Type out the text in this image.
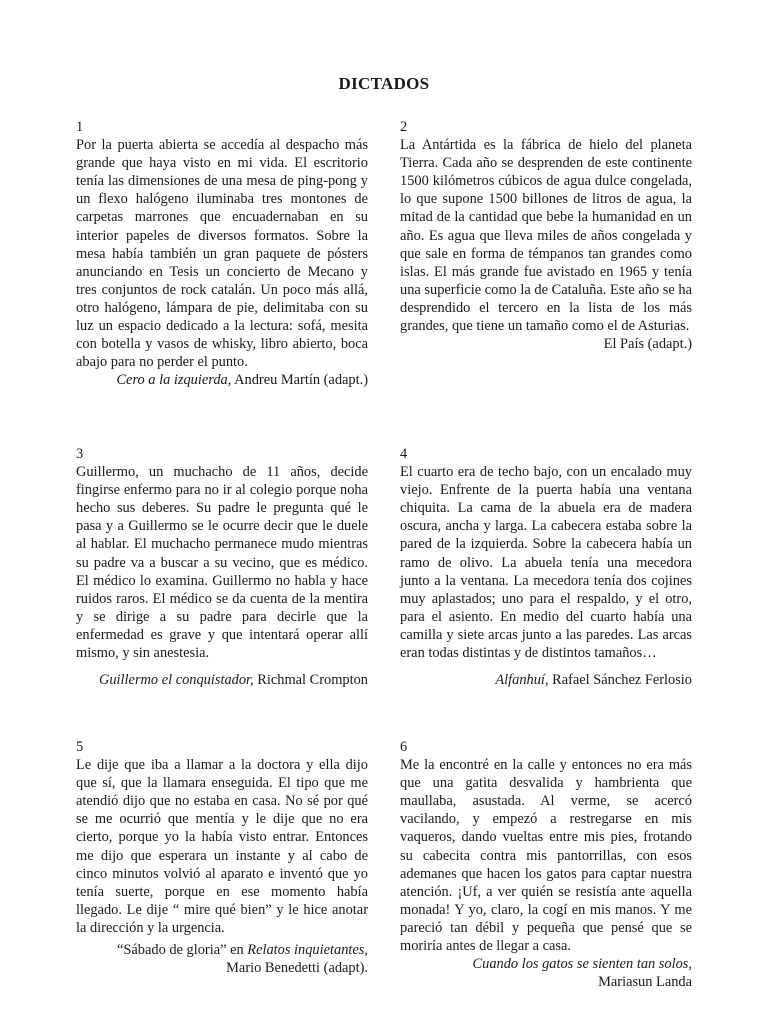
DICTADOS
1
Por la puerta abierta se accedía al despacho más grande que haya visto en mi vida. El escritorio tenía las dimensiones de una mesa de ping-pong y un flexo halógeno iluminaba tres montones de carpetas marrones que encuadernaban en su interior papeles de diversos formatos. Sobre la mesa había también un gran paquete de pósters anunciando en Tesis un concierto de Mecano y tres conjuntos de rock catalán. Un poco más allá, otro halógeno, lámpara de pie, delimitaba con su luz un espacio dedicado a la lectura: sofá, mesita con botella y vasos de whisky, libro abierto, boca abajo para no perder el punto.
Cero a la izquierda, Andreu Martín (adapt.)
2
La Antártida es la fábrica de hielo del planeta Tierra. Cada año se desprenden de este continente 1500 kilómetros cúbicos de agua dulce congelada, lo que supone 1500 billones de litros de agua, la mitad de la cantidad que bebe la humanidad en un año. Es agua que lleva miles de años congelada y que sale en forma de témpanos tan grandes como islas. El más grande fue avistado en 1965 y tenía una superficie como la de Cataluña. Este año se ha desprendido el tercero en la lista de los más grandes, que tiene un tamaño como el de Asturias.
El País (adapt.)
3
Guillermo, un muchacho de 11 años, decide fingirse enfermo para no ir al colegio porque noha hecho sus deberes. Su padre le pregunta qué le pasa y a Guillermo se le ocurre decir que le duele al hablar. El muchacho permanece mudo mientras su padre va a buscar a su vecino, que es médico. El médico lo examina. Guillermo no habla y hace ruidos raros. El médico se da cuenta de la mentira y se dirige a su padre para decirle que la enfermedad es grave y que intentará operar allí mismo, y sin anestesia.
Guillermo el conquistador, Richmal Crompton
4
El cuarto era de techo bajo, con un encalado muy viejo. Enfrente de la puerta había una ventana chiquita. La cama de la abuela era de madera oscura, ancha y larga. La cabecera estaba sobre la pared de la izquierda. Sobre la cabecera había un ramo de olivo. La abuela tenía una mecedora junto a la ventana. La mecedora tenía dos cojines muy aplastados; uno para el respaldo, y el otro, para el asiento. En medio del cuarto había una camilla y siete arcas junto a las paredes. Las arcas eran todas distintas y de distintos tamaños…
Alfanhuí, Rafael Sánchez Ferlosio
5
Le dije que iba a llamar a la doctora y ella dijo que sí, que la llamara enseguida. El tipo que me atendió dijo que no estaba en casa. No sé por qué se me ocurrió que mentía y le dije que no era cierto, porque yo la había visto entrar. Entonces me dijo que esperara un instante y al cabo de cinco minutos volvió al aparato e inventó que yo tenía suerte, porque en ese momento había llegado. Le dije “ mire qué bien” y le hice anotar la dirección y la urgencia.
“Sábado de gloria” en Relatos inquietantes,
Mario Benedetti (adapt).
6
Me la encontré en la calle y entonces no era más que una gatita desvalida y hambrienta que maullaba, asustada. Al verme, se acercó vacilando, y empezó a restregarse en mis vaqueros, dando vueltas entre mis pies, frotando su cabecita contra mis pantorrillas, con esos ademanes que hacen los gatos para captar nuestra atención. ¡Uf, a ver quién se resistía ante aquella monada! Y yo, claro, la cogí en mis manos. Y me pareció tan débil y pequeña que pensé que se moriría antes de llegar a casa.
Cuando los gatos se sienten tan solos,
Mariasun Landa
